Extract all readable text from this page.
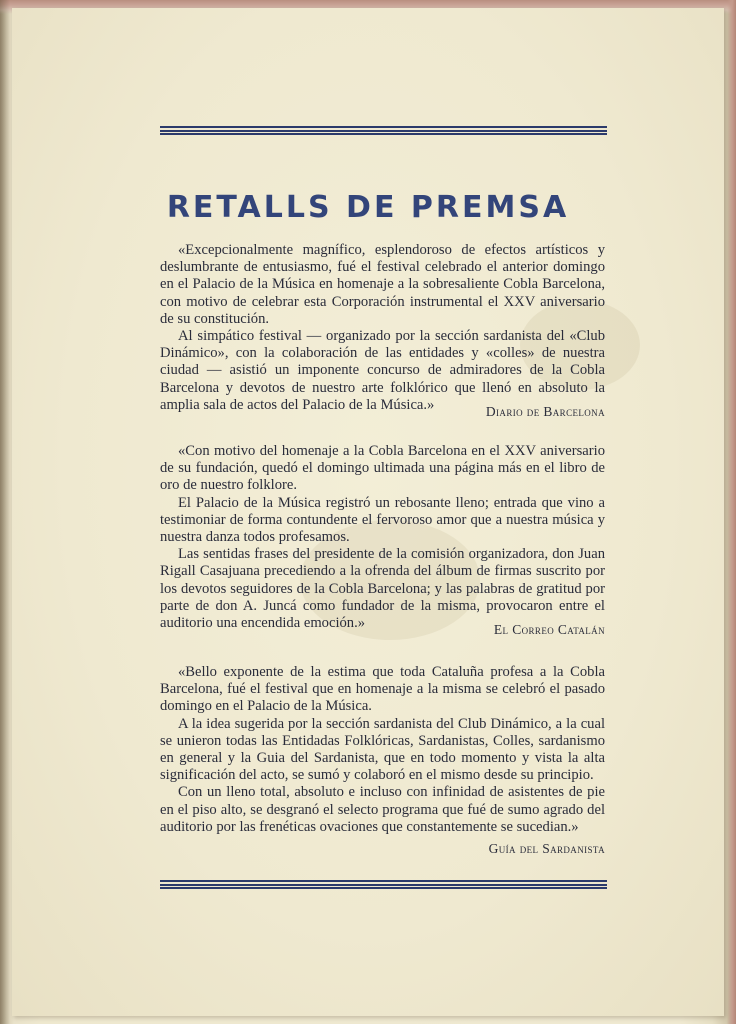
RETALLS DE PREMSA

«Excepcionalmente magnífico, esplendoroso de efectos artísticos y deslumbrante de entusiasmo, fué el festival celebrado el anterior domingo en el Palacio de la Música en homenaje a la sobresaliente Cobla Barcelona, con motivo de celebrar esta Corporación instrumental el XXV aniversario de su constitución.

Al simpático festival — organizado por la sección sardanista del «Club Dinámico», con la colaboración de las entidades y «colles» de nuestra ciudad — asistió un imponente concurso de admiradores de la Cobla Barcelona y devotos de nuestro arte folklórico que llenó en absoluto la amplia sala de actos del Palacio de la Música.»	Diario de Barcelona

«Con motivo del homenaje a la Cobla Barcelona en el XXV aniversario de su fundación, quedó el domingo ultimada una página más en el libro de oro de nuestro folklore.

El Palacio de la Música registró un rebosante lleno; entrada que vino a testimoniar de forma contundente el fervoroso amor que a nuestra música y nuestra danza todos profesamos.

Las sentidas frases del presidente de la comisión organizadora, don Juan Rigall Casajuana precediendo a la ofrenda del álbum de firmas suscrito por los devotos seguidores de la Cobla Barcelona; y las palabras de gratitud por parte de don A. Juncá como fundador de la misma, provocaron entre el auditorio una encendida emoción.»	El Correo Catalán

«Bello exponente de la estima que toda Cataluña profesa a la Cobla Barcelona, fué el festival que en homenaje a la misma se celebró el pasado domingo en el Palacio de la Música.

A la idea sugerida por la sección sardanista del Club Dinámico, a la cual se unieron todas las Entidadas Folklóricas, Sardanistas, Colles, sardanismo en general y la Guia del Sardanista, que en todo momento y vista la alta significación del acto, se sumó y colaboró en el mismo desde su principio.

Con un lleno total, absoluto e incluso con infinidad de asistentes de pie en el piso alto, se desgranó el selecto programa que fué de sumo agrado del auditorio por las frenéticas ovaciones que constantemente se sucedian.»

Guía del Sardanista
